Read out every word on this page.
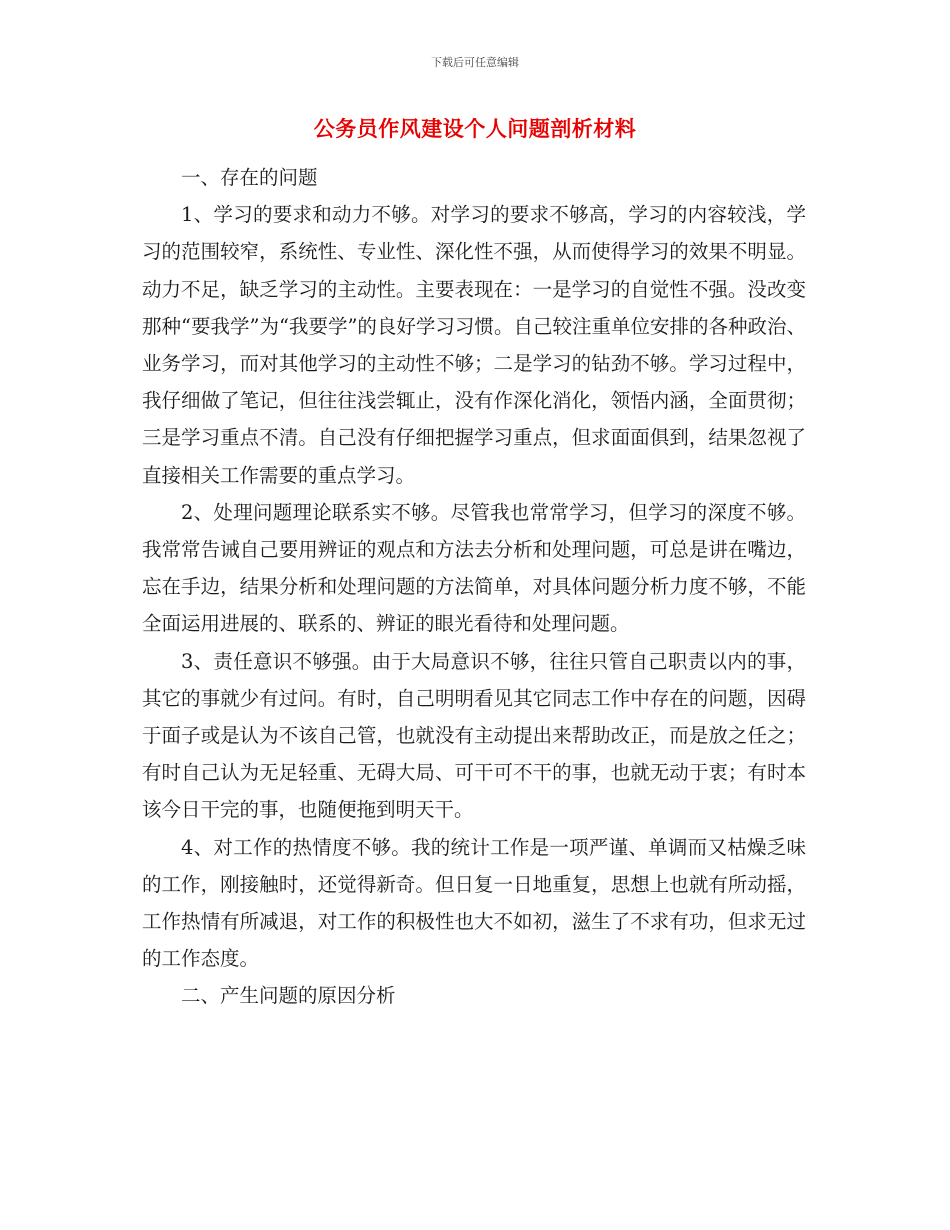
下载后可任意编辑
公务员作风建设个人问题剖析材料

一、存在的问题

1、学习的要求和动力不够。对学习的要求不够高，学习的内容较浅，学习的范围较窄，系统性、专业性、深化性不强，从而使得学习的效果不明显。动力不足，缺乏学习的主动性。主要表现在：一是学习的自觉性不强。没改变那种“要我学”为“我要学”的良好学习习惯。自己较注重单位安排的各种政治、业务学习，而对其他学习的主动性不够；二是学习的钻劲不够。学习过程中，我仔细做了笔记，但往往浅尝辄止，没有作深化消化，领悟内涵，全面贯彻；三是学习重点不清。自己没有仔细把握学习重点，但求面面俱到，结果忽视了直接相关工作需要的重点学习。

2、处理问题理论联系实不够。尽管我也常常学习，但学习的深度不够。我常常告诫自己要用辨证的观点和方法去分析和处理问题，可总是讲在嘴边，忘在手边，结果分析和处理问题的方法简单，对具体问题分析力度不够，不能全面运用进展的、联系的、辨证的眼光看待和处理问题。

3、责任意识不够强。由于大局意识不够，往往只管自己职责以内的事，其它的事就少有过问。有时，自己明明看见其它同志工作中存在的问题，因碍于面子或是认为不该自己管，也就没有主动提出来帮助改正，而是放之任之；有时自己认为无足轻重、无碍大局、可干可不干的事，也就无动于衷；有时本该今日干完的事，也随便拖到明天干。

4、对工作的热情度不够。我的统计工作是一项严谨、单调而又枯燥乏味的工作，刚接触时，还觉得新奇。但日复一日地重复，思想上也就有所动摇，工作热情有所减退，对工作的积极性也大不如初，滋生了不求有功，但求无过的工作态度。

二、产生问题的原因分析
